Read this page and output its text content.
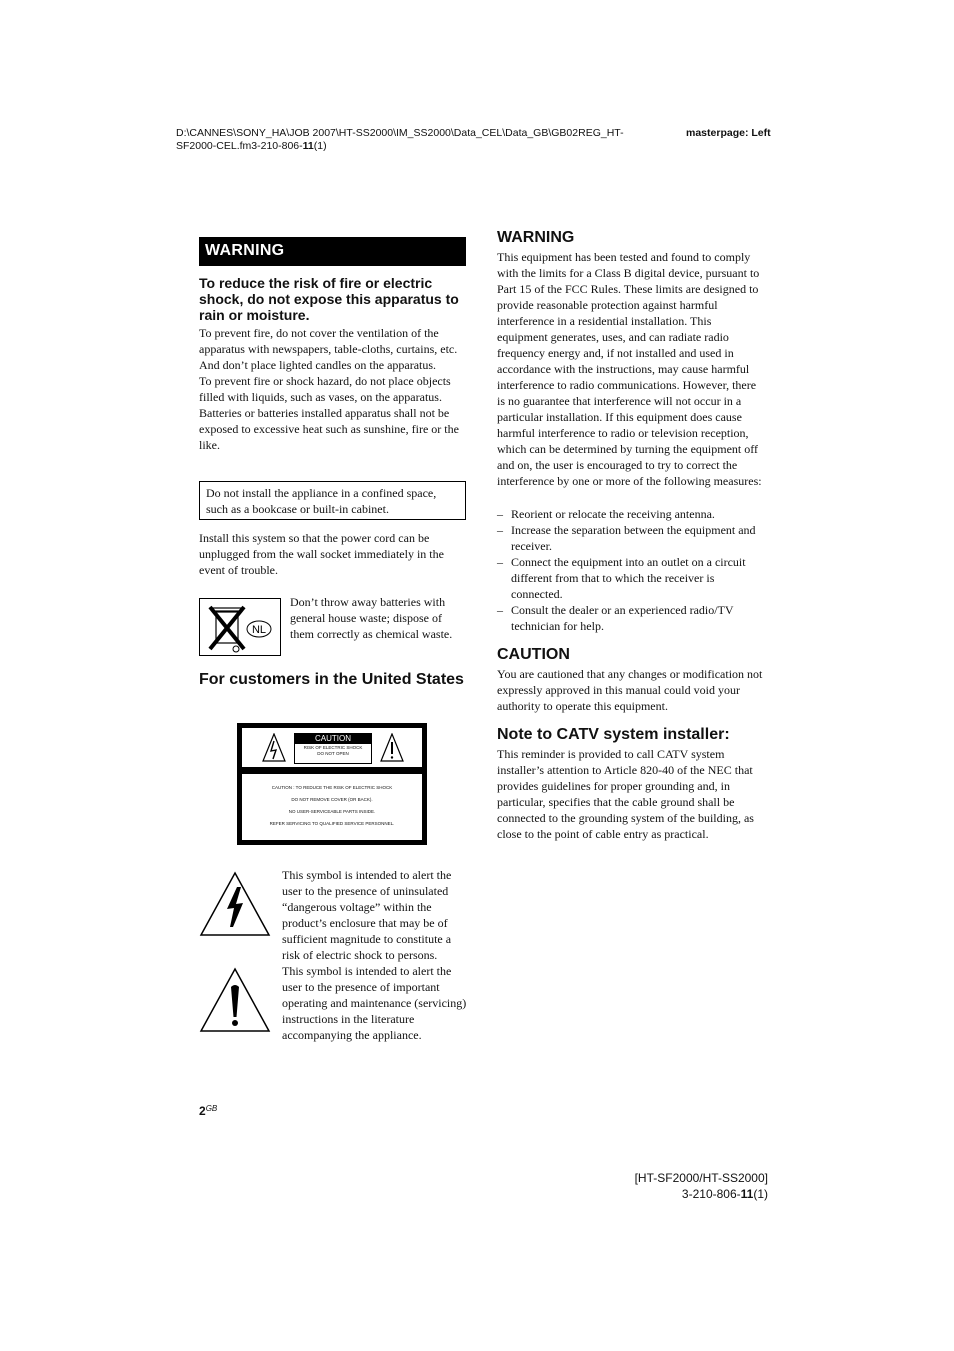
D:\CANNES\SONY_HA\JOB 2007\HT-SS2000\IM_SS2000\Data_CEL\Data_GB\GB02REG_HT-
SF2000-CEL.fm3-210-806-11(1)
masterpage: Left
WARNING
To reduce the risk of fire or electric shock, do not expose this apparatus to rain or moisture.

To prevent fire, do not cover the ventilation of the apparatus with newspapers, table-cloths, curtains, etc. And don’t place lighted candles on the apparatus.

To prevent fire or shock hazard, do not place objects filled with liquids, such as vases, on the apparatus.

Batteries or batteries installed apparatus shall not be exposed to excessive heat such as sunshine, fire or the like.

Do not install the appliance in a confined space, such as a bookcase or built-in cabinet.
Install this system so that the power cord can be unplugged from the wall socket immediately in the event of trouble.
NL
Don’t throw away batteries with general house waste; dispose of them correctly as chemical waste.
For customers in the United States
CAUTION
RISK OF ELECTRIC SHOCK
DO NOT OPEN
CAUTION : TO REDUCE THE RISK OF ELECTRIC SHOCK
DO NOT REMOVE COVER (OR BACK).
NO USER-SERVICEABLE PARTS INSIDE.
REFER SERVICING TO QUALIFIED SERVICE PERSONNEL.
This symbol is intended to alert the user to the presence of uninsulated “dangerous voltage” within the product’s enclosure that may be of sufficient magnitude to constitute a risk of electric shock to persons.
This symbol is intended to alert the user to the presence of important operating and maintenance (servicing) instructions in the literature accompanying the appliance.
$2^{GB}$
WARNING
This equipment has been tested and found to comply with the limits for a Class B digital device, pursuant to Part 15 of the FCC Rules. These limits are designed to provide reasonable protection against harmful interference in a residential installation. This equipment generates, uses, and can radiate radio frequency energy and, if not installed and used in accordance with the instructions, may cause harmful interference to radio communications. However, there is no guarantee that interference will not occur in a particular installation. If this equipment does cause harmful interference to radio or television reception, which can be determined by turning the equipment off and on, the user is encouraged to try to correct the interference by one or more of the following measures:
– Reorient or relocate the receiving antenna.
– Increase the separation between the equipment and receiver.
– Connect the equipment into an outlet on a circuit different from that to which the receiver is connected.
– Consult the dealer or an experienced radio/TV technician for help.
CAUTION
You are cautioned that any changes or modification not expressly approved in this manual could void your authority to operate this equipment.
Note to CATV system installer:
This reminder is provided to call CATV system installer’s attention to Article 820-40 of the NEC that provides guidelines for proper grounding and, in particular, specifies that the cable ground shall be connected to the grounding system of the building, as close to the point of cable entry as practical.
[HT-SF2000/HT-SS2000]
3-210-806-11(1)
